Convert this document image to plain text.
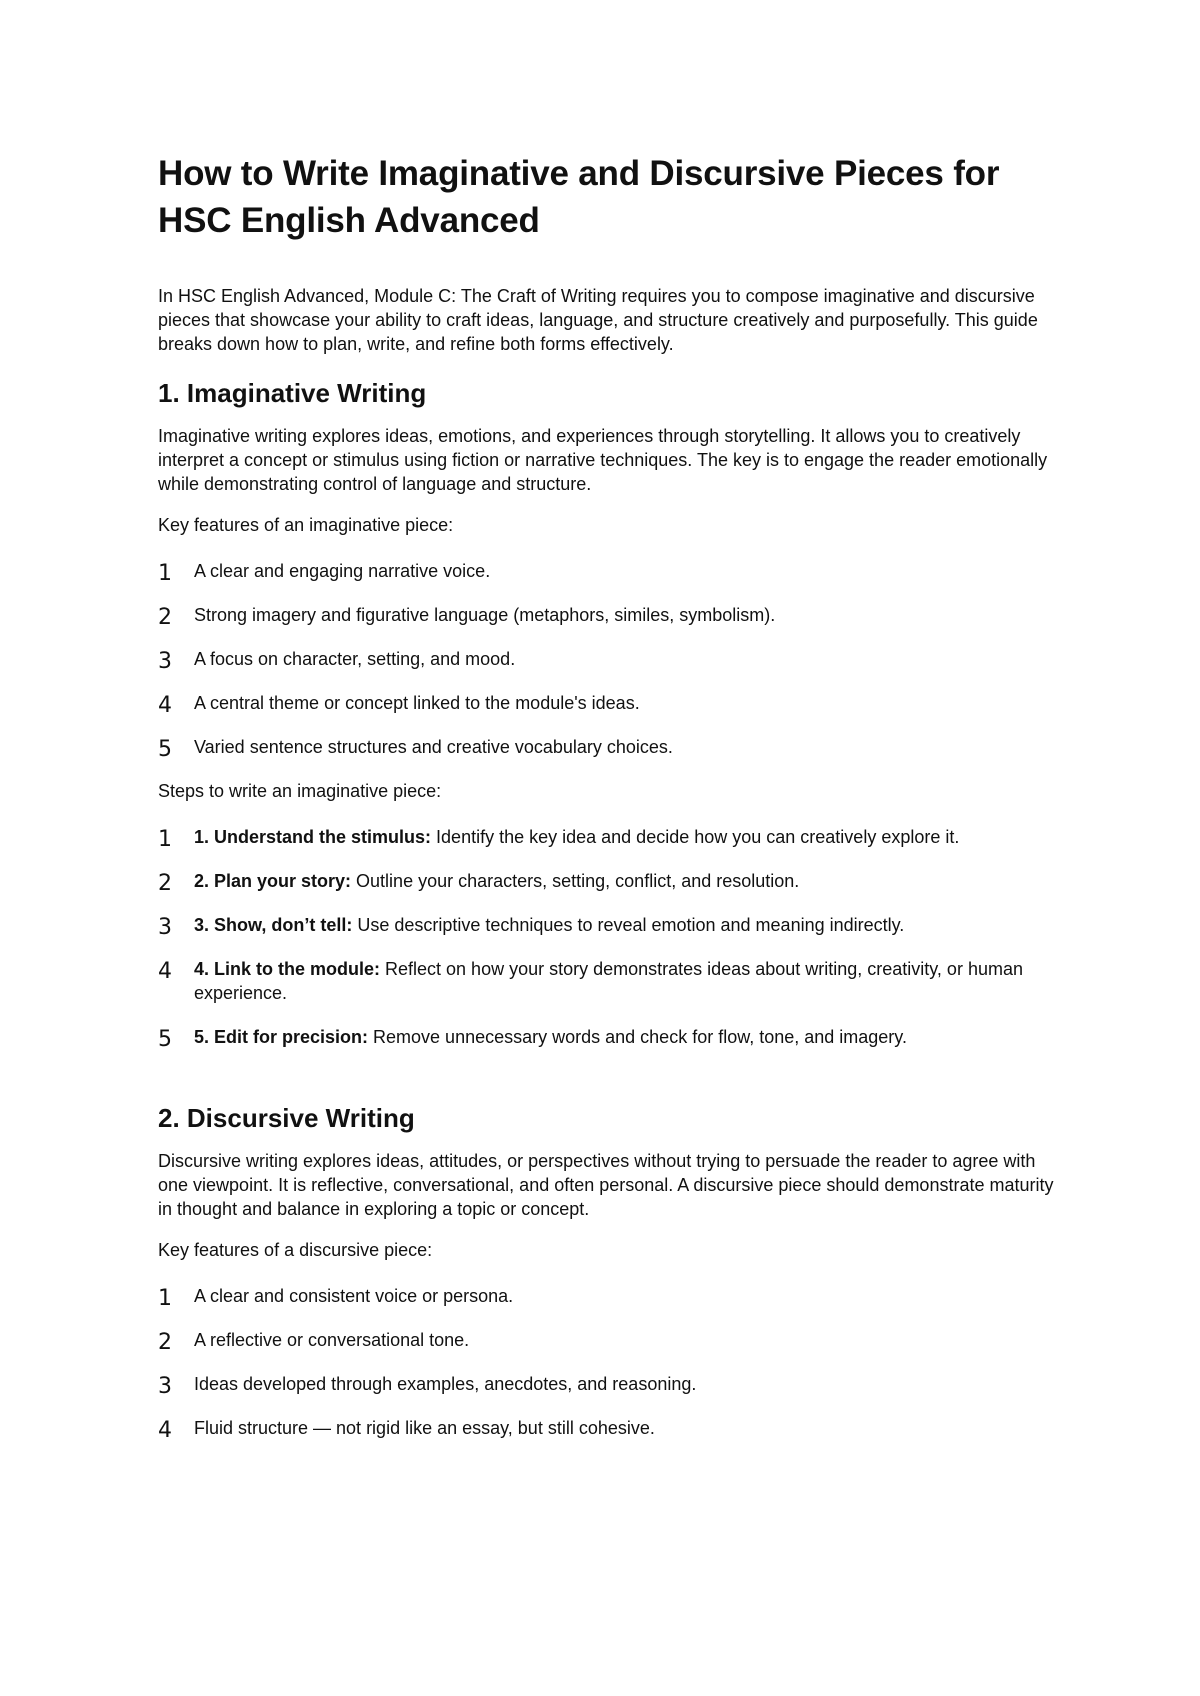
How to Write Imaginative and Discursive Pieces for HSC English Advanced

In HSC English Advanced, Module C: The Craft of Writing requires you to compose imaginative and discursive pieces that showcase your ability to craft ideas, language, and structure creatively and purposefully. This guide breaks down how to plan, write, and refine both forms effectively.

1. Imaginative Writing

Imaginative writing explores ideas, emotions, and experiences through storytelling. It allows you to creatively interpret a concept or stimulus using fiction or narrative techniques. The key is to engage the reader emotionally while demonstrating control of language and structure.

Key features of an imaginative piece:

1 A clear and engaging narrative voice.
2 Strong imagery and figurative language (metaphors, similes, symbolism).
3 A focus on character, setting, and mood.
4 A central theme or concept linked to the module's ideas.
5 Varied sentence structures and creative vocabulary choices.

Steps to write an imaginative piece:

1 1. Understand the stimulus: Identify the key idea and decide how you can creatively explore it.
2 2. Plan your story: Outline your characters, setting, conflict, and resolution.
3 3. Show, don’t tell: Use descriptive techniques to reveal emotion and meaning indirectly.
4 4. Link to the module: Reflect on how your story demonstrates ideas about writing, creativity, or human experience.
5 5. Edit for precision: Remove unnecessary words and check for flow, tone, and imagery.
2. Discursive Writing

Discursive writing explores ideas, attitudes, or perspectives without trying to persuade the reader to agree with one viewpoint. It is reflective, conversational, and often personal. A discursive piece should demonstrate maturity in thought and balance in exploring a topic or concept.

Key features of a discursive piece:

1 A clear and consistent voice or persona.
2 A reflective or conversational tone.
3 Ideas developed through examples, anecdotes, and reasoning.
4 Fluid structure — not rigid like an essay, but still cohesive.
